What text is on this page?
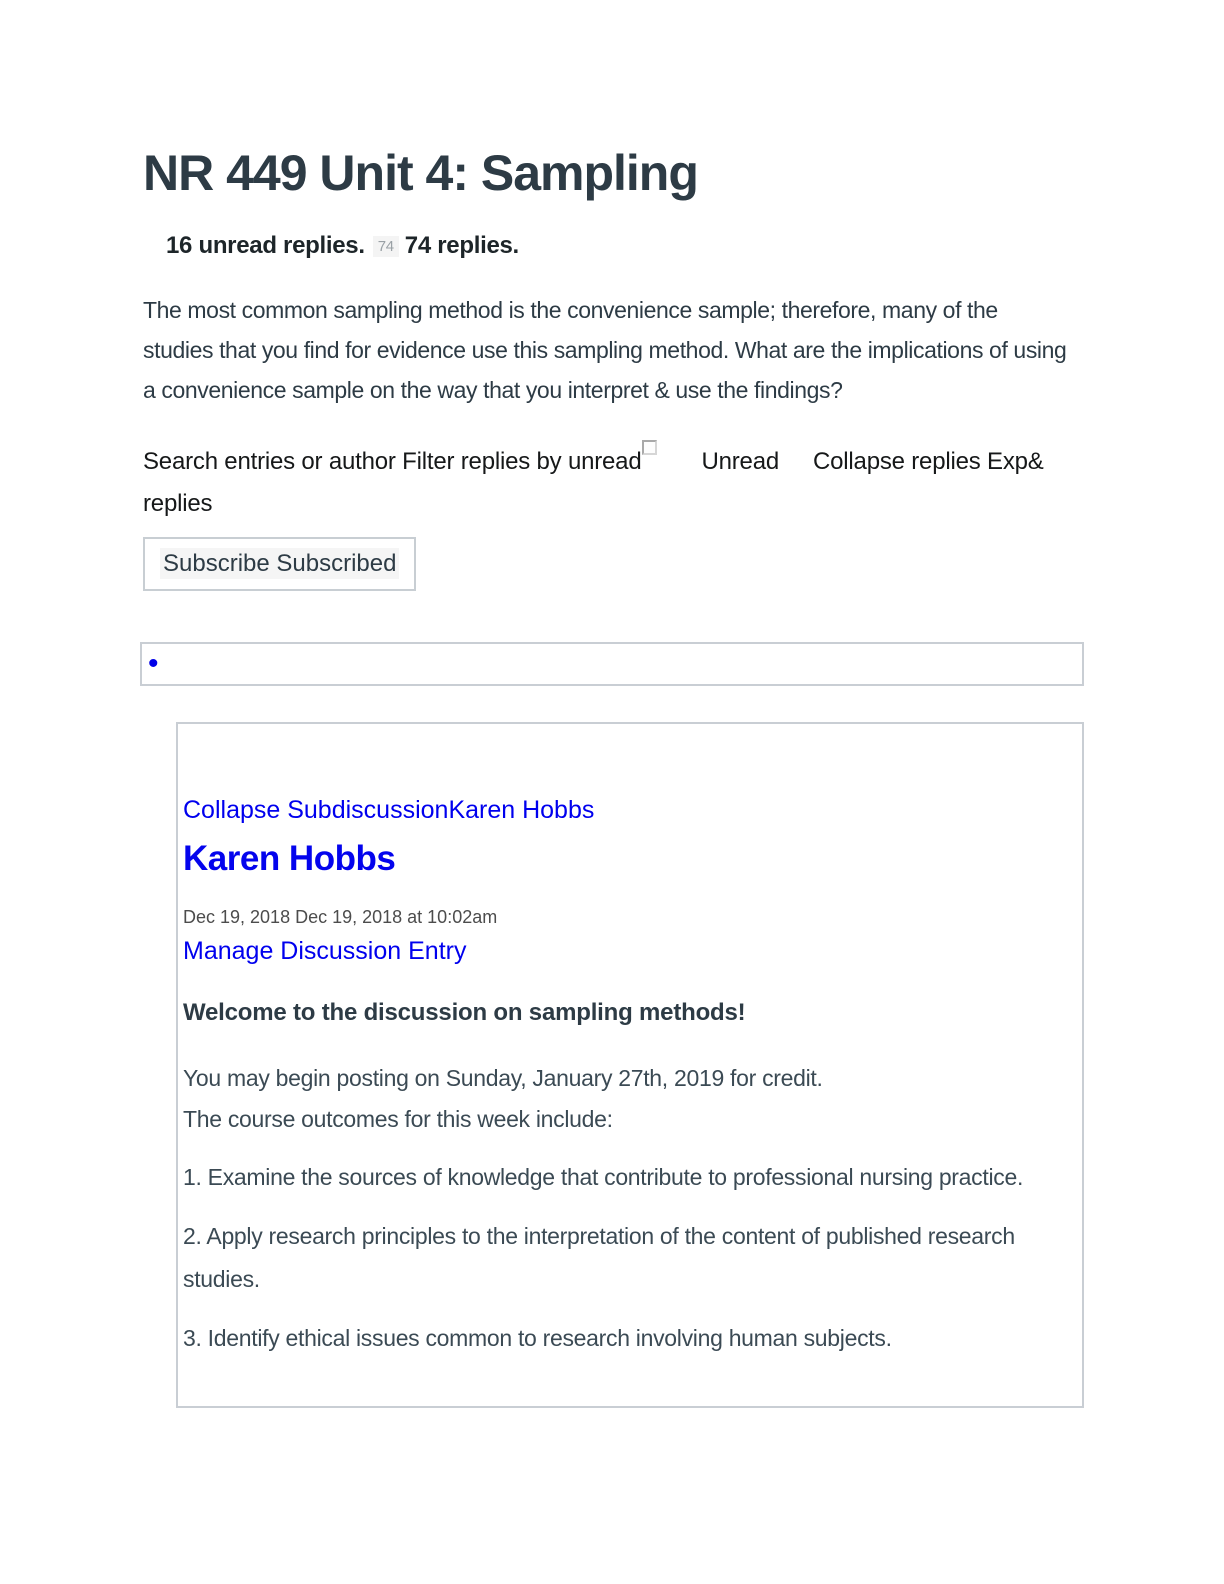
NR 449 Unit 4: Sampling
16 unread replies. 74 74 replies.

The most common sampling method is the convenience sample; therefore, many of the studies that you find for evidence use this sampling method. What are the implications of using a convenience sample on the way that you interpret & use the findings?

Search entries or author Filter replies by unread	Unread Collapse replies Exp&
replies
Subscribe Subscribed
•
Collapse SubdiscussionKaren Hobbs
Karen Hobbs
Dec 19, 2018 Dec 19, 2018 at 10:02am
Manage Discussion Entry
Welcome to the discussion on sampling methods!
You may begin posting on Sunday, January 27th, 2019 for credit.
The course outcomes for this week include:
1. Examine the sources of knowledge that contribute to professional nursing practice.
2. Apply research principles to the interpretation of the content of published research studies.
3. Identify ethical issues common to research involving human subjects.
